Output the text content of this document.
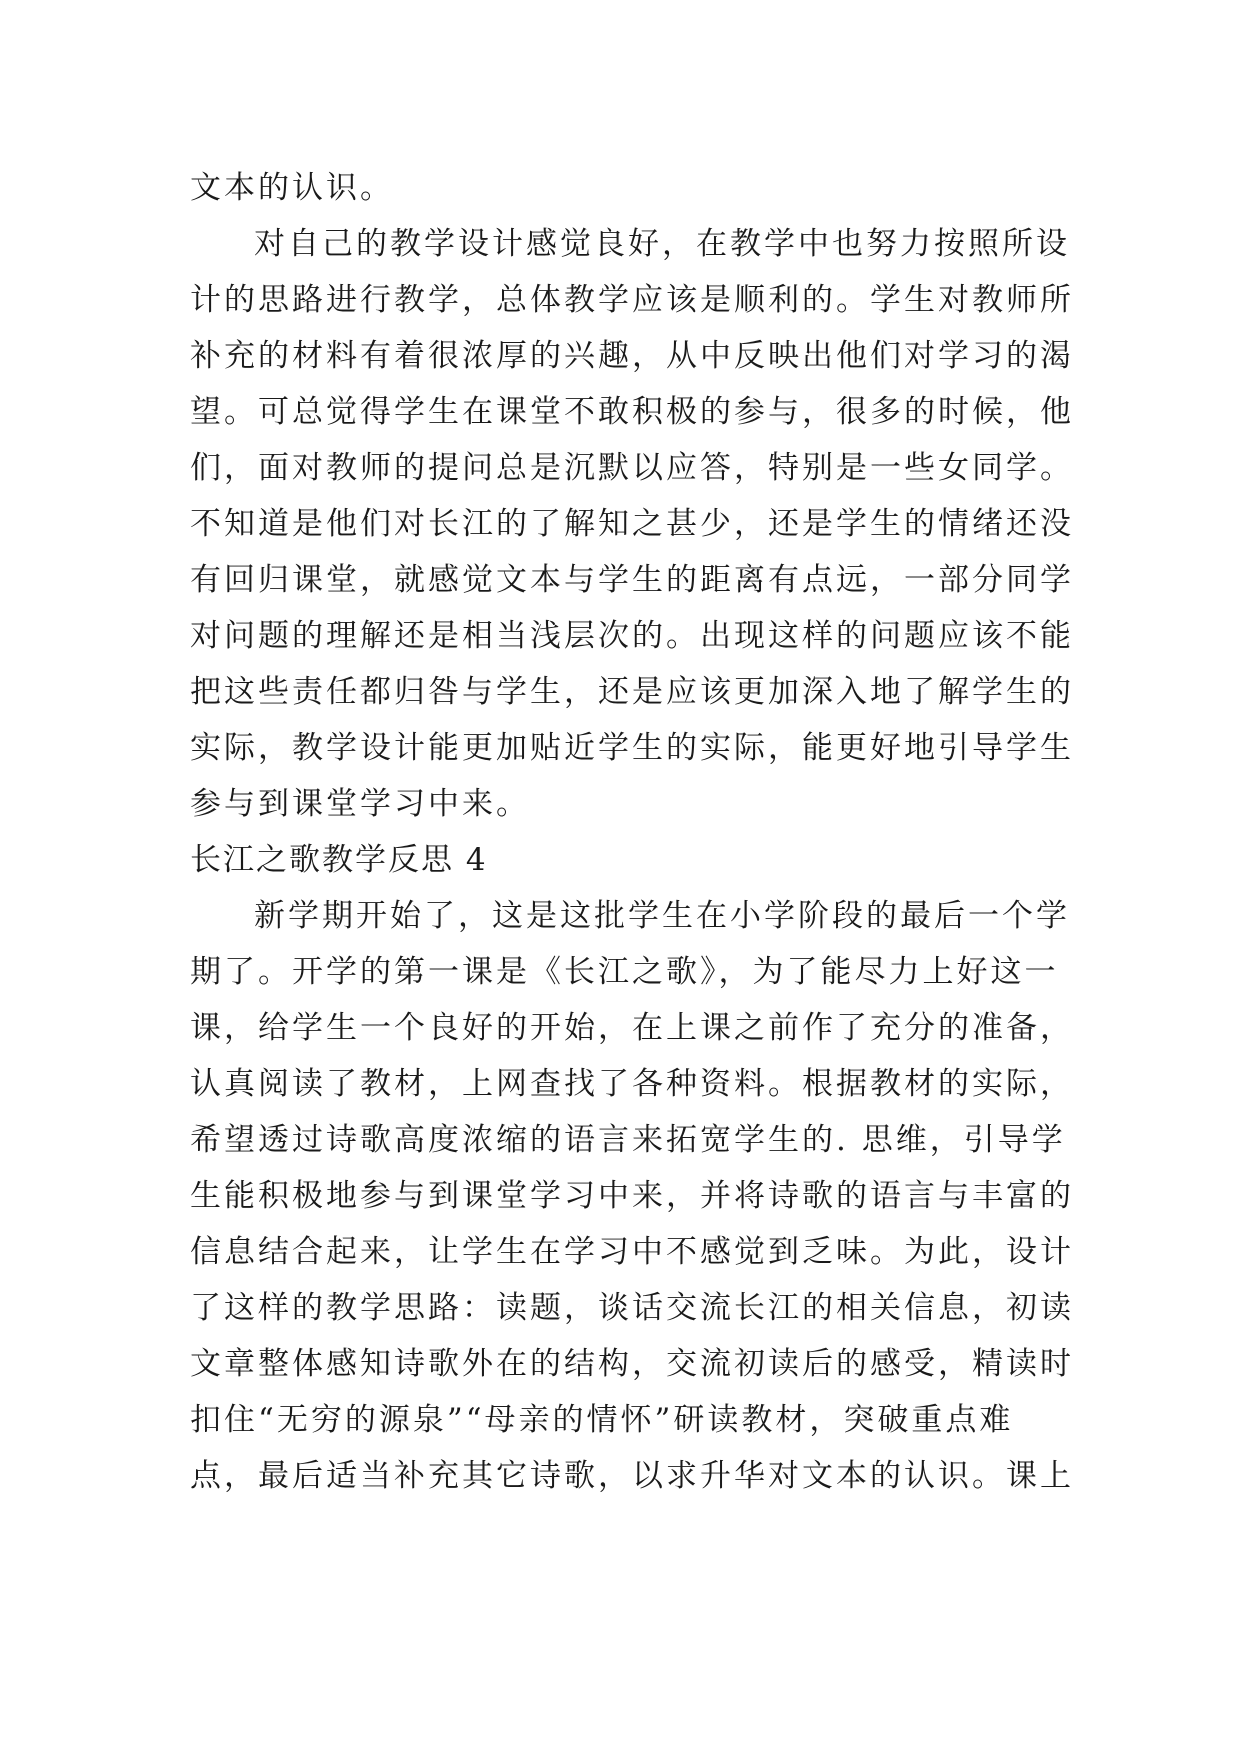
文本的认识。
对自己的教学设计感觉良好，在教学中也努力按照所设
计的思路进行教学，总体教学应该是顺利的。学生对教师所
补充的材料有着很浓厚的兴趣，从中反映出他们对学习的渴
望。可总觉得学生在课堂不敢积极的参与，很多的时候，他
们，面对教师的提问总是沉默以应答，特别是一些女同学。
不知道是他们对长江的了解知之甚少，还是学生的情绪还没
有回归课堂，就感觉文本与学生的距离有点远，一部分同学
对问题的理解还是相当浅层次的。出现这样的问题应该不能
把这些责任都归咎与学生，还是应该更加深入地了解学生的
实际，教学设计能更加贴近学生的实际，能更好地引导学生
参与到课堂学习中来。
长江之歌教学反思 4
新学期开始了，这是这批学生在小学阶段的最后一个学
期了。开学的第一课是《长江之歌》，为了能尽力上好这一
课，给学生一个良好的开始，在上课之前作了充分的准备，
认真阅读了教材，上网查找了各种资料。根据教材的实际，
希望透过诗歌高度浓缩的语言来拓宽学生的. 思维，引导学
生能积极地参与到课堂学习中来，并将诗歌的语言与丰富的
信息结合起来，让学生在学习中不感觉到乏味。为此，设计
了这样的教学思路：读题，谈话交流长江的相关信息，初读
文章整体感知诗歌外在的结构，交流初读后的感受，精读时
扣住“无穷的源泉”“母亲的情怀”研读教材，突破重点难
点，最后适当补充其它诗歌，以求升华对文本的认识。课上
